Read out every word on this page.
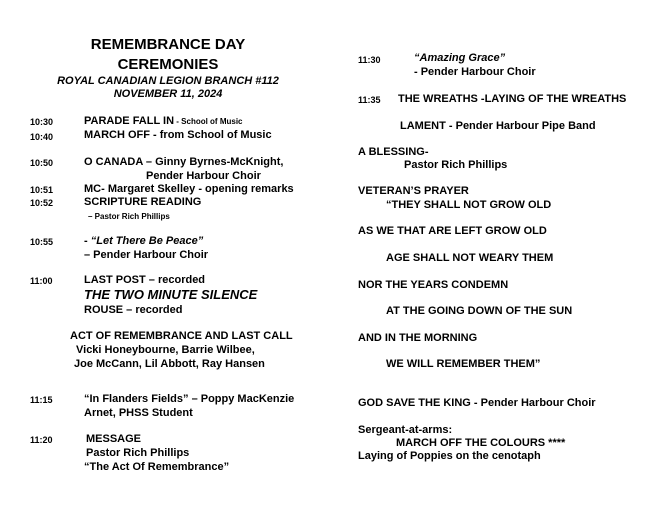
REMEMBRANCE DAY
CEREMONIES
ROYAL CANADIAN LEGION BRANCH #112
NOVEMBER 11, 2024
10:30	PARADE FALL IN - School of Music
10:40	MARCH OFF - from School of Music
10:50	O CANADA – Ginny Byrnes-McKnight,
Pender Harbour Choir
10:51	MC- Margaret Skelley - opening remarks
10:52	SCRIPTURE READING
– Pastor Rich Phillips
10:55	- “Let There Be Peace”
– Pender Harbour Choir
11:00	LAST POST – recorded
THE TWO MINUTE SILENCE
ROUSE – recorded
ACT OF REMEMBRANCE AND LAST CALL
Vicki Honeybourne, Barrie Wilbee,
Joe McCann, Lil Abbott, Ray Hansen
11:15	“In Flanders Fields” – Poppy MacKenzie
Arnet, PHSS Student
11:20	MESSAGE
Pastor Rich Phillips
“The Act Of Remembrance”
11:30	“Amazing Grace”
- Pender Harbour Choir
11:35 THE WREATHS -LAYING OF THE WREATHS
LAMENT - Pender Harbour Pipe Band
A BLESSING-
Pastor Rich Phillips
VETERAN’S PRAYER
“THEY SHALL NOT GROW OLD
AS WE THAT ARE LEFT GROW OLD
AGE SHALL NOT WEARY THEM
NOR THE YEARS CONDEMN
AT THE GOING DOWN OF THE SUN
AND IN THE MORNING
WE WILL REMEMBER THEM”
GOD SAVE THE KING - Pender Harbour Choir
Sergeant-at-arms:
MARCH OFF THE COLOURS ****
Laying of Poppies on the cenotaph
